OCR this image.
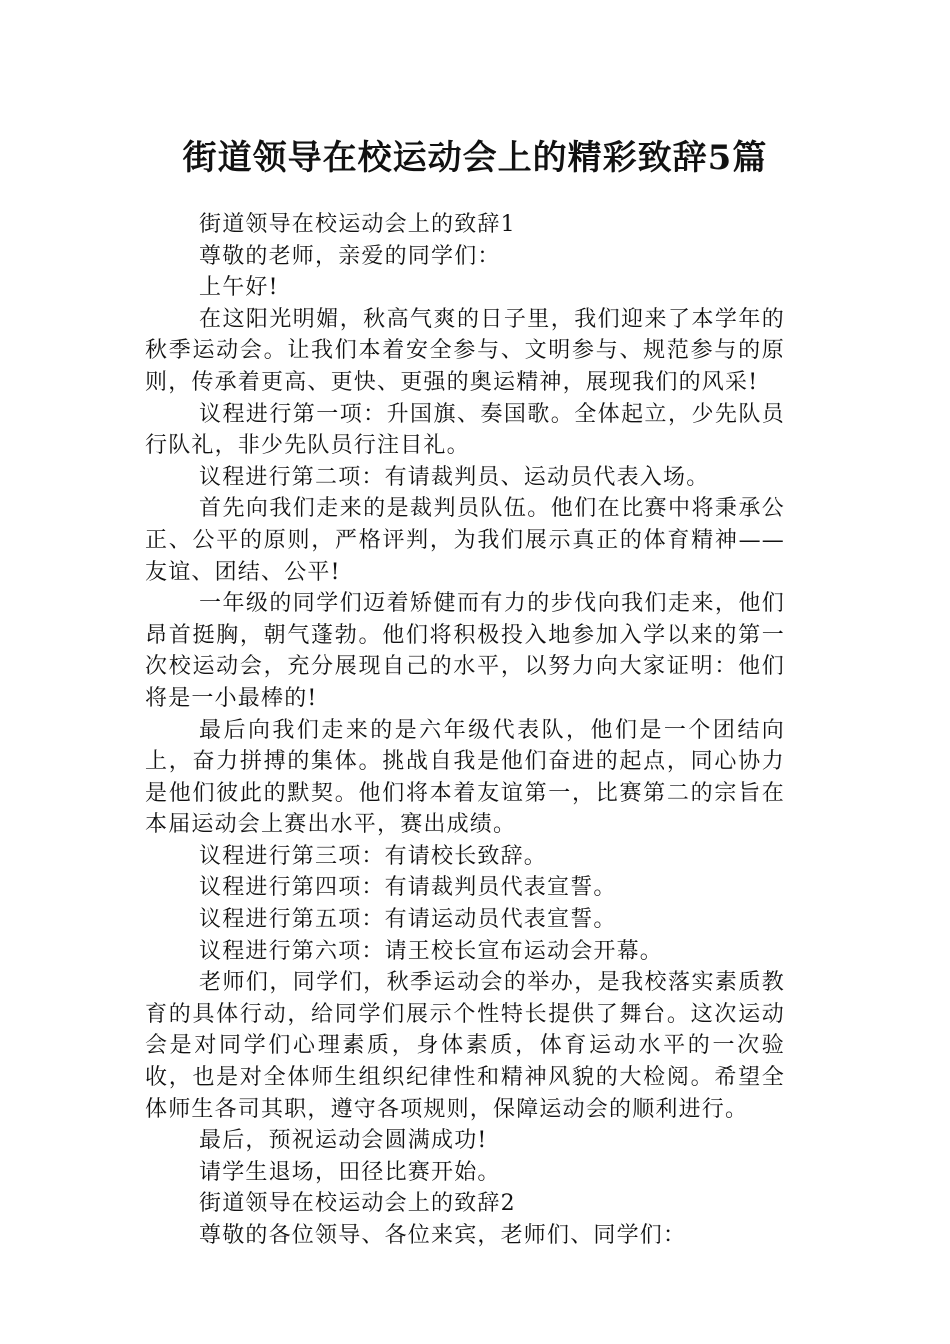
街道领导在校运动会上的精彩致辞5篇

街道领导在校运动会上的致辞1

尊敬的老师，亲爱的同学们：

上午好!

在这阳光明媚，秋高气爽的日子里，我们迎来了本学年的秋季运动会。让我们本着安全参与、文明参与、规范参与的原则，传承着更高、更快、更强的奥运精神，展现我们的风采!

议程进行第一项：升国旗、奏国歌。全体起立，少先队员行队礼，非少先队员行注目礼。

议程进行第二项：有请裁判员、运动员代表入场。

首先向我们走来的是裁判员队伍。他们在比赛中将秉承公正、公平的原则，严格评判，为我们展示真正的体育精神——友谊、团结、公平!

一年级的同学们迈着矫健而有力的步伐向我们走来，他们昂首挺胸，朝气蓬勃。他们将积极投入地参加入学以来的第一次校运动会，充分展现自己的水平，以努力向大家证明：他们将是一小最棒的!

最后向我们走来的是六年级代表队，他们是一个团结向上，奋力拼搏的集体。挑战自我是他们奋进的起点，同心协力是他们彼此的默契。他们将本着友谊第一，比赛第二的宗旨在本届运动会上赛出水平，赛出成绩。

议程进行第三项：有请校长致辞。

议程进行第四项：有请裁判员代表宣誓。

议程进行第五项：有请运动员代表宣誓。

议程进行第六项：请王校长宣布运动会开幕。

老师们，同学们，秋季运动会的举办，是我校落实素质教育的具体行动，给同学们展示个性特长提供了舞台。这次运动会是对同学们心理素质，身体素质，体育运动水平的一次验收，也是对全体师生组织纪律性和精神风貌的大检阅。希望全体师生各司其职，遵守各项规则，保障运动会的顺利进行。

最后，预祝运动会圆满成功!

请学生退场，田径比赛开始。

街道领导在校运动会上的致辞2

尊敬的各位领导、各位来宾，老师们、同学们：
